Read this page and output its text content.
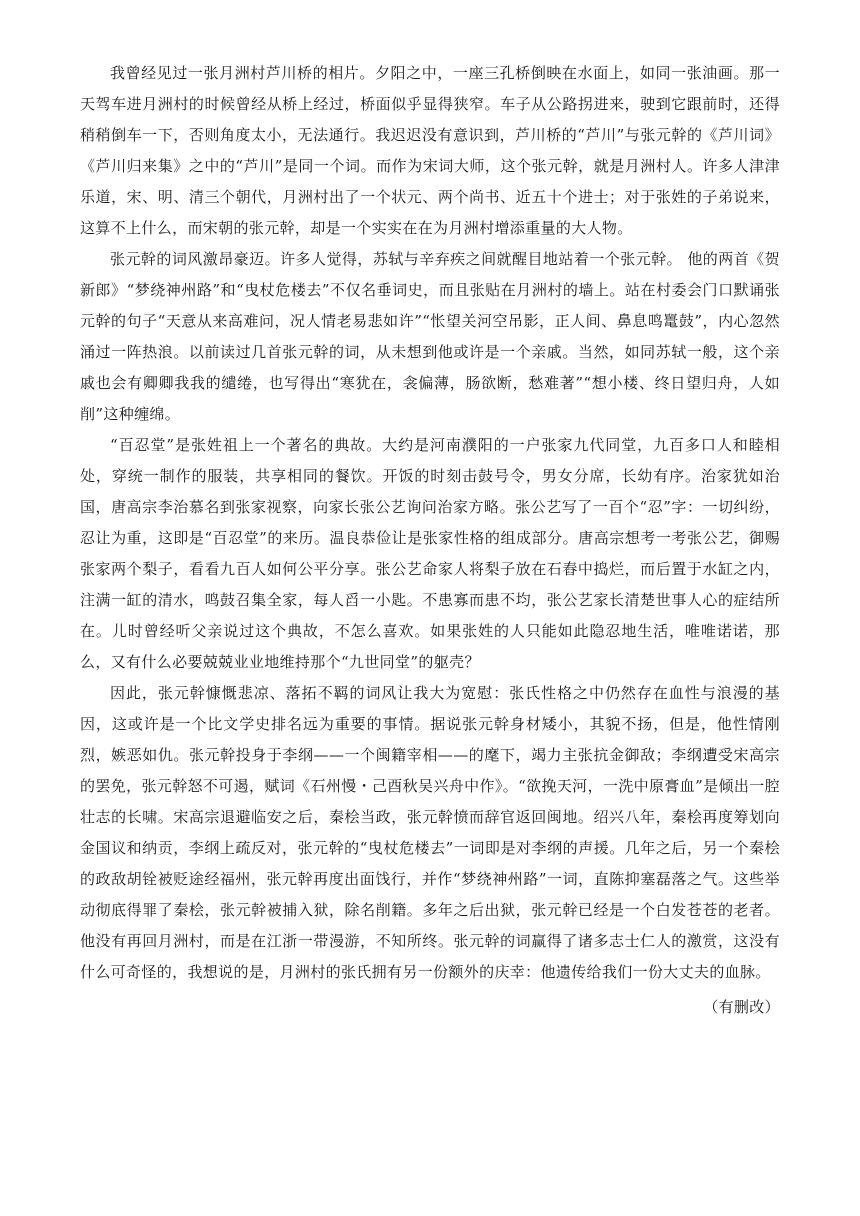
我曾经见过一张月洲村芦川桥的相片。夕阳之中，一座三孔桥倒映在水面上，如同一张油画。那一天驾车进月洲村的时候曾经从桥上经过，桥面似乎显得狭窄。车子从公路拐进来，驶到它跟前时，还得稍稍倒车一下，否则角度太小，无法通行。我迟迟没有意识到，芦川桥的“芦川”与张元幹的《芦川词》《芦川归来集》之中的“芦川”是同一个词。而作为宋词大师，这个张元幹，就是月洲村人。许多人津津乐道，宋、明、清三个朝代，月洲村出了一个状元、两个尚书、近五十个进士；对于张姓的子弟说来，这算不上什么，而宋朝的张元幹，却是一个实实在在为月洲村增添重量的大人物。

张元幹的词风激昂豪迈。许多人觉得，苏轼与辛弃疾之间就醒目地站着一个张元幹。 他的两首《贺新郎》“梦绕神州路”和“曳杖危楼去”不仅名垂词史，而且张贴在月洲村的墙上。站在村委会门口默诵张元幹的句子“天意从来高难问，况人情老易悲如许”“怅望关河空吊影，正人间、鼻息鸣鼍鼓”，内心忽然涌过一阵热浪。以前读过几首张元幹的词，从未想到他或许是一个亲戚。当然，如同苏轼一般，这个亲戚也会有卿卿我我的缱绻，也写得出“寒犹在，衾偏薄，肠欲断，愁难著”“想小楼、终日望归舟，人如削”这种缠绵。

“百忍堂”是张姓祖上一个著名的典故。大约是河南濮阳的一户张家九代同堂，九百多口人和睦相处，穿统一制作的服装，共享相同的餐饮。开饭的时刻击鼓号令，男女分席，长幼有序。治家犹如治国，唐高宗李治慕名到张家视察，向家长张公艺询问治家方略。张公艺写了一百个“忍”字：一切纠纷，忍让为重，这即是“百忍堂”的来历。温良恭俭让是张家性格的组成部分。唐高宗想考一考张公艺，御赐张家两个梨子，看看九百人如何公平分享。张公艺命家人将梨子放在石舂中捣烂，而后置于水缸之内，注满一缸的清水，鸣鼓召集全家，每人舀一小匙。不患寡而患不均，张公艺家长清楚世事人心的症结所在。儿时曾经听父亲说过这个典故，不怎么喜欢。如果张姓的人只能如此隐忍地生活，唯唯诺诺，那么，又有什么必要兢兢业业地维持那个“九世同堂”的躯壳？

因此，张元幹慷慨悲凉、落拓不羁的词风让我大为宽慰：张氏性格之中仍然存在血性与浪漫的基因，这或许是一个比文学史排名远为重要的事情。据说张元幹身材矮小，其貌不扬，但是，他性情刚烈，嫉恶如仇。张元幹投身于李纲——一个闽籍宰相——的麾下，竭力主张抗金御敌；李纲遭受宋高宗的罢免，张元幹怒不可遏，赋词《石州慢・己酉秋吴兴舟中作》。“欲挽天河，一洗中原膏血”是倾出一腔壮志的长啸。宋高宗退避临安之后，秦桧当政，张元幹愤而辞官返回闽地。绍兴八年，秦桧再度筹划向金国议和纳贡，李纲上疏反对，张元幹的“曳杖危楼去”一词即是对李纲的声援。几年之后，另一个秦桧的政敌胡铨被贬途经福州，张元幹再度出面饯行，并作“梦绕神州路”一词，直陈抑塞磊落之气。这些举动彻底得罪了秦桧，张元幹被捕入狱，除名削籍。多年之后出狱，张元幹已经是一个白发苍苍的老者。他没有再回月洲村，而是在江浙一带漫游，不知所终。张元幹的词赢得了诸多志士仁人的激赏，这没有什么可奇怪的，我想说的是，月洲村的张氏拥有另一份额外的庆幸：他遗传给我们一份大丈夫的血脉。

（有删改）
